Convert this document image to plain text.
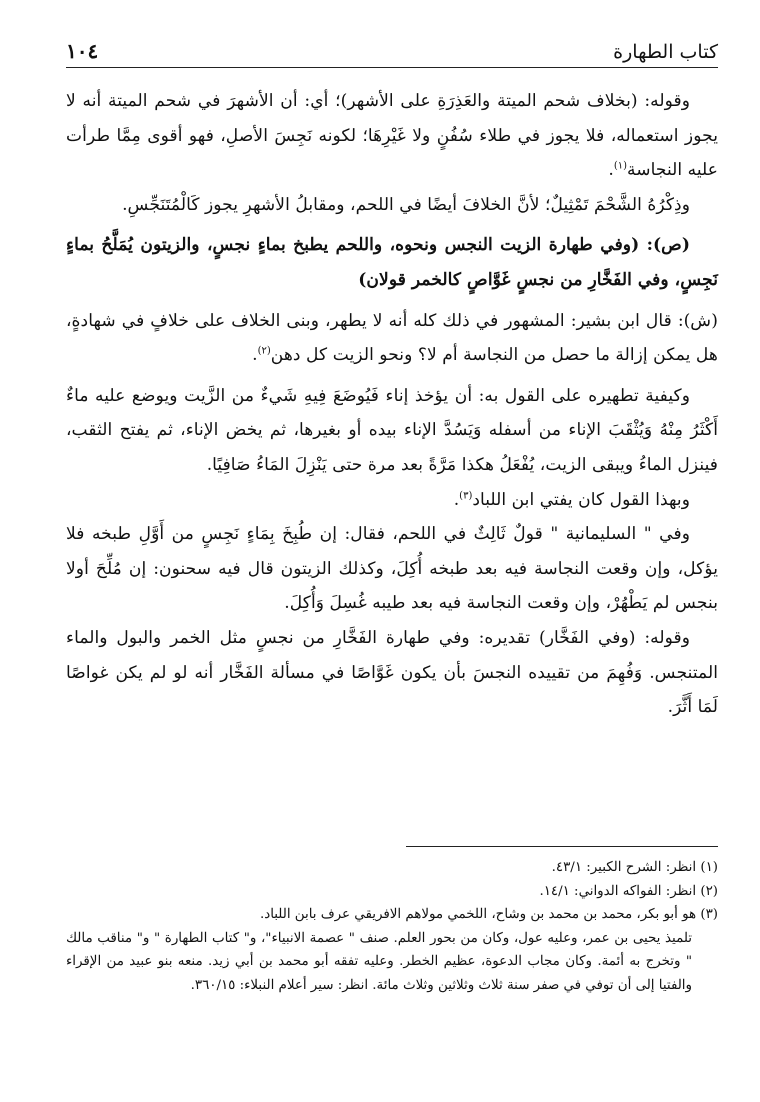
كتاب الطهارة
١٠٤

وقوله: (بخلاف شحم الميتة والعَذِرَةِ على الأشهر)؛ أي: أن الأشهرَ في شحم الميتة أنه لا يجوز استعماله، فلا يجوز في طلاء سُفُنٍ ولا غَيْرِهَا؛ لكونه نَجِسَ الأصلِ، فهو أقوى مِمَّا طرأت عليه النجاسة$^{(١)}$.

وذِكْرُهُ الشَّحْمَ تَمْثِيلٌ؛ لأنَّ الخلافَ أيضًا في اللحم، ومقابلُ الأشهرِ يجوز كَالْمُتَنَجِّسِ.

(ص): (وفي طهارة الزيت النجس ونحوه، واللحم يطبخ بماءٍ نجسٍ، والزيتون يُمَلَّحُ بماءٍ نَجِسٍ، وفي الفَخَّارِ من نجسٍ غَوَّاصٍ كالخمر قولان)

(ش): قال ابن بشير: المشهور في ذلك كله أنه لا يطهر، وبنى الخلاف على خلافٍ في شهادةٍ، هل يمكن إزالة ما حصل من النجاسة أم لا؟ ونحو الزيت كل دهن$^{(٢)}$.

وكيفية تطهيره على القول به: أن يؤخذ إناء فَيُوضَعَ فِيهِ شَيءٌ من الزَّيت ويوضع عليه ماءٌ أَكْثَرُ مِنْهُ وَيُثْقَبَ الإناء من أسفله وَيَسُدَّ الإناء بيده أو بغيرها، ثم يخض الإناء، ثم يفتح الثقب، فينزل الماءُ ويبقى الزيت، يُفْعَلُ هكذا مَرَّةً بعد مرة حتى يَنْزِلَ المَاءُ صَافِيًا.

وبهذا القول كان يفتي ابن اللباد$^{(٣)}$.

وفي " السليمانية " قولٌ ثَالِثٌ في اللحم، فقال: إن طُبِخَ بِمَاءٍ نَجِسٍ من أَوَّلِ طبخه فلا يؤكل، وإن وقعت النجاسة فيه بعد طبخه أُكِلَ، وكذلك الزيتون قال فيه سحنون: إن مُلِّحَ أولا بنجس لم يَطْهُرْ، وإن وقعت النجاسة فيه بعد طيبه غُسِلَ وَأُكِلَ.

وقوله: (وفي الفَخَّار) تقديره: وفي طهارة الفَخَّارِ من نجسٍ مثل الخمر والبول والماء المتنجس. وَفُهِمَ من تقييده النجسَ بأن يكون غَوَّاصًا في مسألة الفَخَّار أنه لو لم يكن غواصًا لَمَا أَثَّرَ.

(١) انظر: الشرح الكبير: ٤٣/١.

(٢) انظر: الفواكه الدواني: ١٤/١.

(٣) هو أبو بكر، محمد بن محمد بن وشاح، اللخمي مولاهم الافريقي عرف بابن اللباد.

تلميذ يحيى بن عمر، وعليه عول، وكان من بحور العلم. صنف " عصمة الانبياء"، و" كتاب الطهارة " و" مناقب مالك " وتخرج به أئمة. وكان مجاب الدعوة، عظيم الخطر. وعليه تفقه أبو محمد بن أبي زيد. منعه بنو عبيد من الإقراء والفتيا إلى أن توفي في صفر سنة ثلاث وثلاثين وثلاث مائة. انظر: سير أعلام النبلاء: ٣٦٠/١٥.
